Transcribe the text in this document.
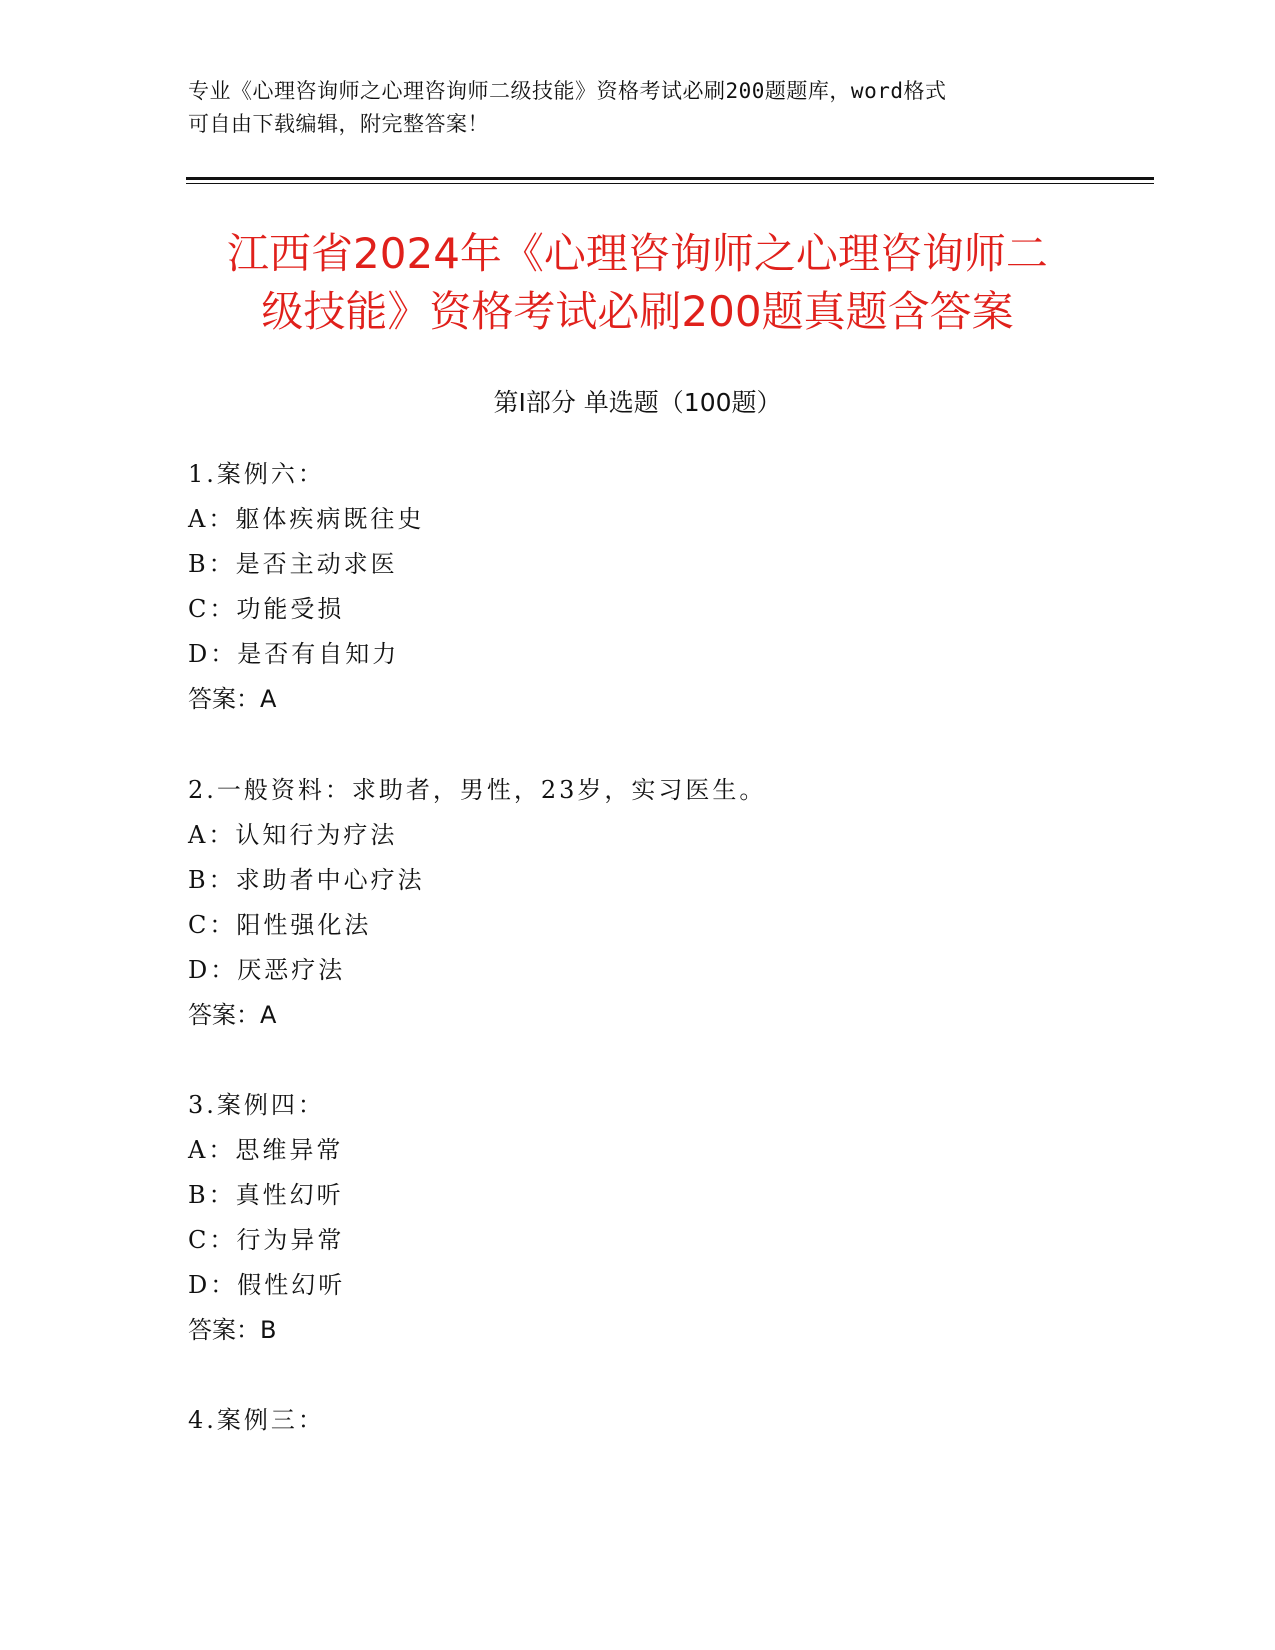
专业《心理咨询师之心理咨询师二级技能》资格考试必刷200题题库，word格式
可自由下载编辑，附完整答案！
江西省2024年《心理咨询师之心理咨询师二
级技能》资格考试必刷200题真题含答案
第I部分 单选题（100题）
1.案例六：
A：躯体疾病既往史
B：是否主动求医
C：功能受损
D：是否有自知力
答案：A
2.一般资料：求助者，男性，23岁，实习医生。
A：认知行为疗法
B：求助者中心疗法
C：阳性强化法
D：厌恶疗法
答案：A
3.案例四：
A：思维异常
B：真性幻听
C：行为异常
D：假性幻听
答案：B
4.案例三：
